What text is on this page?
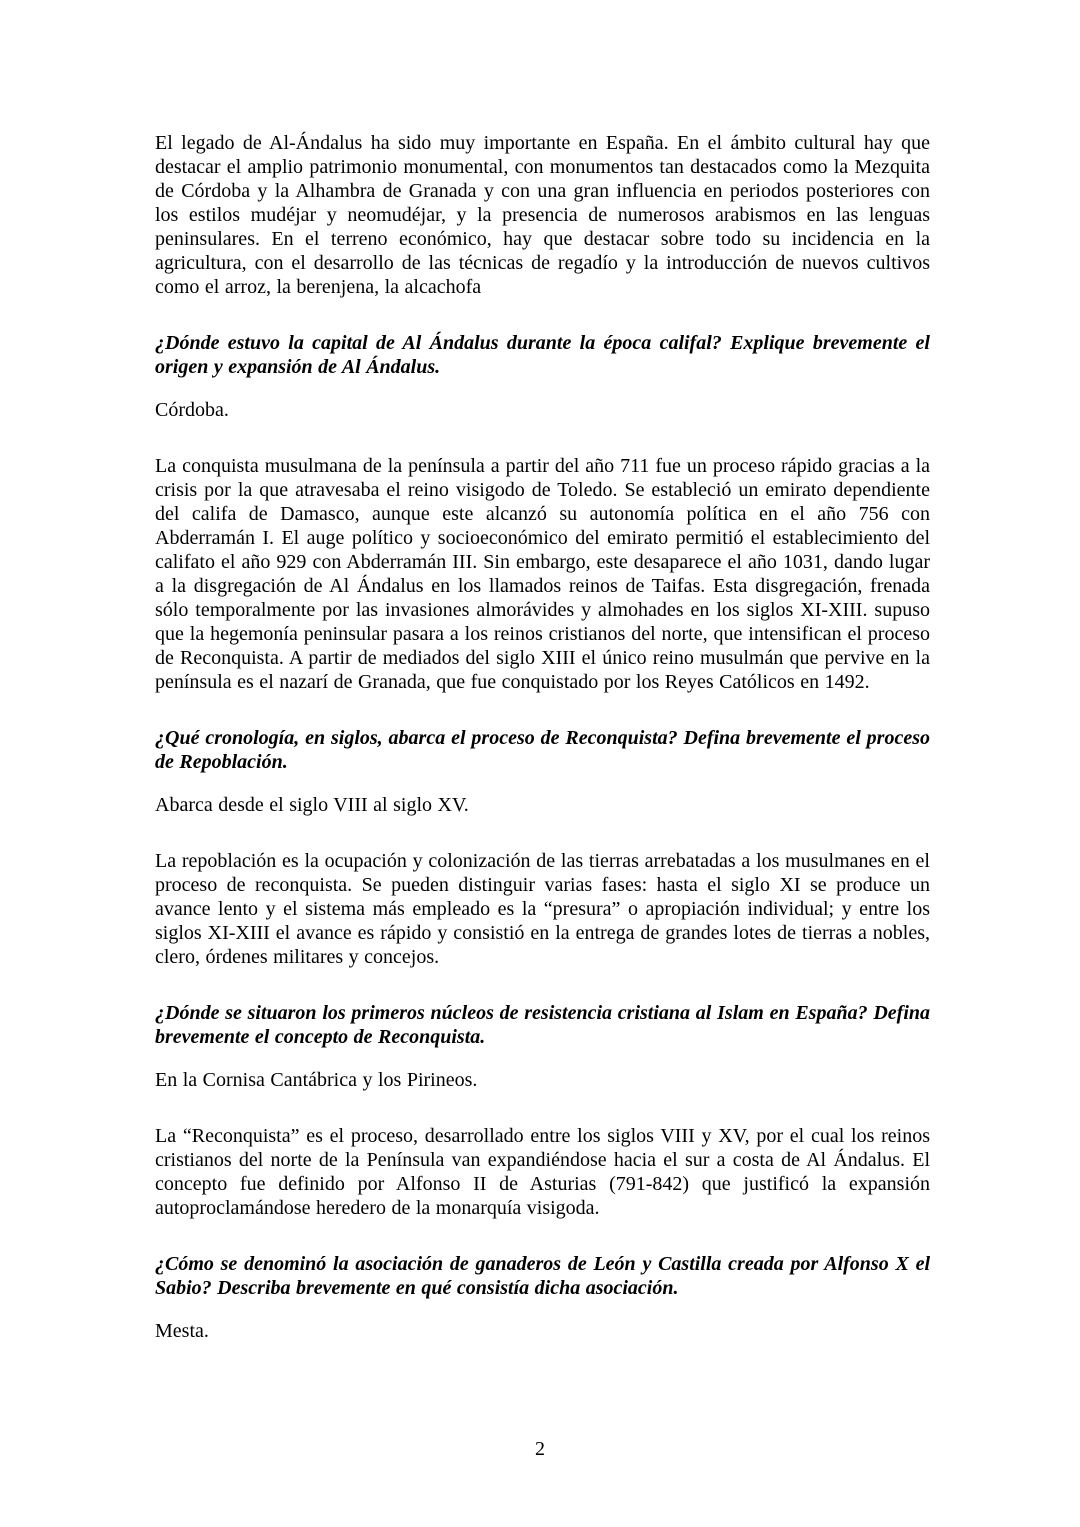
El legado de Al-Ándalus ha sido muy importante en España. En el ámbito cultural hay que destacar el amplio patrimonio monumental, con monumentos tan destacados como la Mezquita de Córdoba y la Alhambra de Granada y con una gran influencia en periodos posteriores con los estilos mudéjar y neomudéjar, y la presencia de numerosos arabismos en las lenguas peninsulares. En el terreno económico, hay que destacar sobre todo su incidencia en la agricultura, con el desarrollo de las técnicas de regadío y la introducción de nuevos cultivos como el arroz, la berenjena, la alcachofa

¿Dónde estuvo la capital de Al Ándalus durante la época califal? Explique brevemente el origen y expansión de Al Ándalus.

Córdoba.

La conquista musulmana de la península a partir del año 711 fue un proceso rápido gracias a la crisis por la que atravesaba el reino visigodo de Toledo. Se estableció un emirato dependiente del califa de Damasco, aunque este alcanzó su autonomía política en el año 756 con Abderramán I. El auge político y socioeconómico del emirato permitió el establecimiento del califato el año 929 con Abderramán III. Sin embargo, este desaparece el año 1031, dando lugar a la disgregación de Al Ándalus en los llamados reinos de Taifas. Esta disgregación, frenada sólo temporalmente por las invasiones almorávides y almohades en los siglos XI-XIII. supuso que la hegemonía peninsular pasara a los reinos cristianos del norte, que intensifican el proceso de Reconquista. A partir de mediados del siglo XIII el único reino musulmán que pervive en la península es el nazarí de Granada, que fue conquistado por los Reyes Católicos en 1492.

¿Qué cronología, en siglos, abarca el proceso de Reconquista? Defina brevemente el proceso de Repoblación.

Abarca desde el siglo VIII al siglo XV.

La repoblación es la ocupación y colonización de las tierras arrebatadas a los musulmanes en el proceso de reconquista. Se pueden distinguir varias fases: hasta el siglo XI se produce un avance lento y el sistema más empleado es la “presura” o apropiación individual; y entre los siglos XI-XIII el avance es rápido y consistió en la entrega de grandes lotes de tierras a nobles, clero, órdenes militares y concejos.

¿Dónde se situaron los primeros núcleos de resistencia cristiana al Islam en España? Defina brevemente el concepto de Reconquista.

En la Cornisa Cantábrica y los Pirineos.

La “Reconquista” es el proceso, desarrollado entre los siglos VIII y XV, por el cual los reinos cristianos del norte de la Península van expandiéndose hacia el sur a costa de Al Ándalus. El concepto fue definido por Alfonso II de Asturias (791-842) que justificó la expansión autoproclamándose heredero de la monarquía visigoda.

¿Cómo se denominó la asociación de ganaderos de León y Castilla creada por Alfonso X el Sabio? Describa brevemente en qué consistía dicha asociación.

Mesta.

2
